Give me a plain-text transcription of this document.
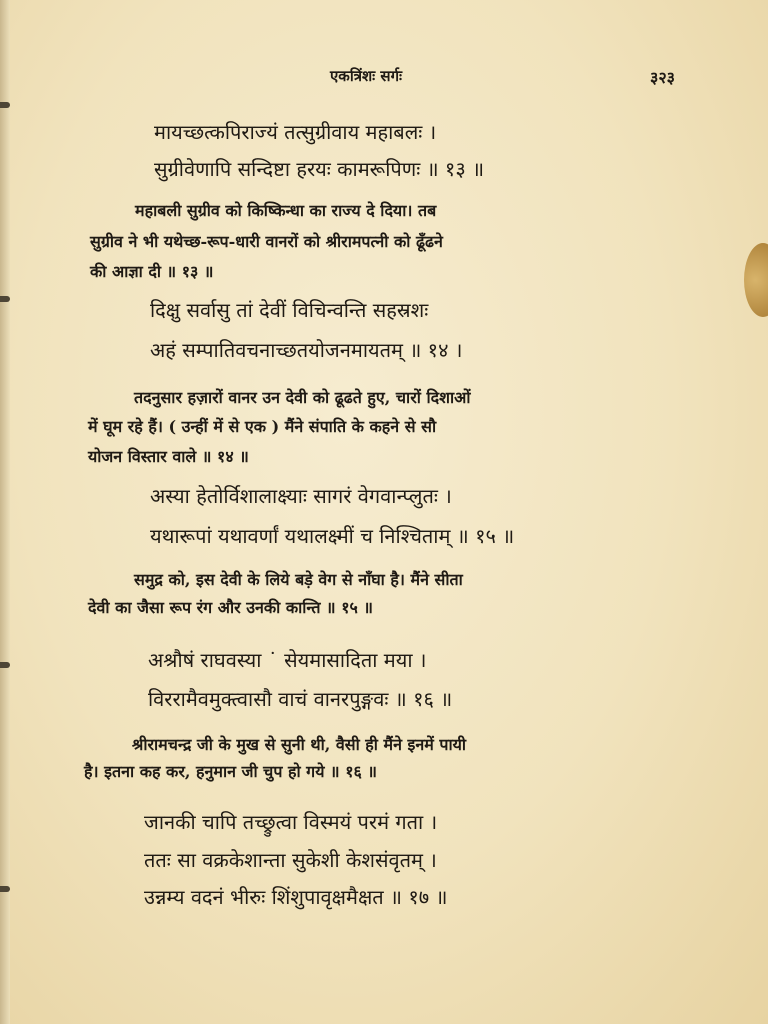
एकत्रिंशः सर्गः	३२३
मायच्छत्कपिराज्यं तत्सुग्रीवाय महाबलः ।
सुग्रीवेणापि सन्दिष्टा हरयः कामरूपिणः ॥ १३ ॥
महाबली सुग्रीव को किष्किन्धा का राज्य दे दिया। तब
सुग्रीव ने भी यथेच्छ-रूप-धारी वानरों को श्रीरामपत्नी को ढूँढने
की आज्ञा दी ॥ १३ ॥
दिक्षु सर्वासु तां देवीं विचिन्वन्ति सहस्रशः
अहं सम्पातिवचनाच्छतयोजनमायतम् ॥ १४ ।
तदनुसार हज़ारों वानर उन देवी को ढूढते हुए, चारों दिशाओं
में घूम रहे हैं। ( उन्हीं में से एक ) मैंने संपाति के कहने से सौ
योजन विस्तार वाले ॥ १४ ॥
अस्या हेतोर्विशालाक्ष्याः सागरं वेगवान्प्लुतः ।
यथारूपां यथावर्णां यथालक्ष्मीं च निश्चिताम् ॥ १५ ॥
समुद्र को, इस देवी के लिये बड़े वेग से नाँघा है। मैंने सीता
देवी का जैसा रूप रंग और उनकी कान्ति ॥ १५ ॥
अश्रौषं राघवस्या ˙ सेयमासादिता मया ।
विररामैवमुक्त्वासौ वाचं वानरपुङ्गवः ॥ १६ ॥
श्रीरामचन्द्र जी के मुख से सुनी थी, वैसी ही मैंने इनमें पायी
है। इतना कह कर, हनुमान जी चुप हो गये ॥ १६ ॥
जानकी चापि तच्छ्रुत्वा विस्मयं परमं गता ।
ततः सा वक्रकेशान्ता सुकेशी केशसंवृतम् ।
उन्नम्य वदनं भीरुः शिंशुपावृक्षमैक्षत ॥ १७ ॥
